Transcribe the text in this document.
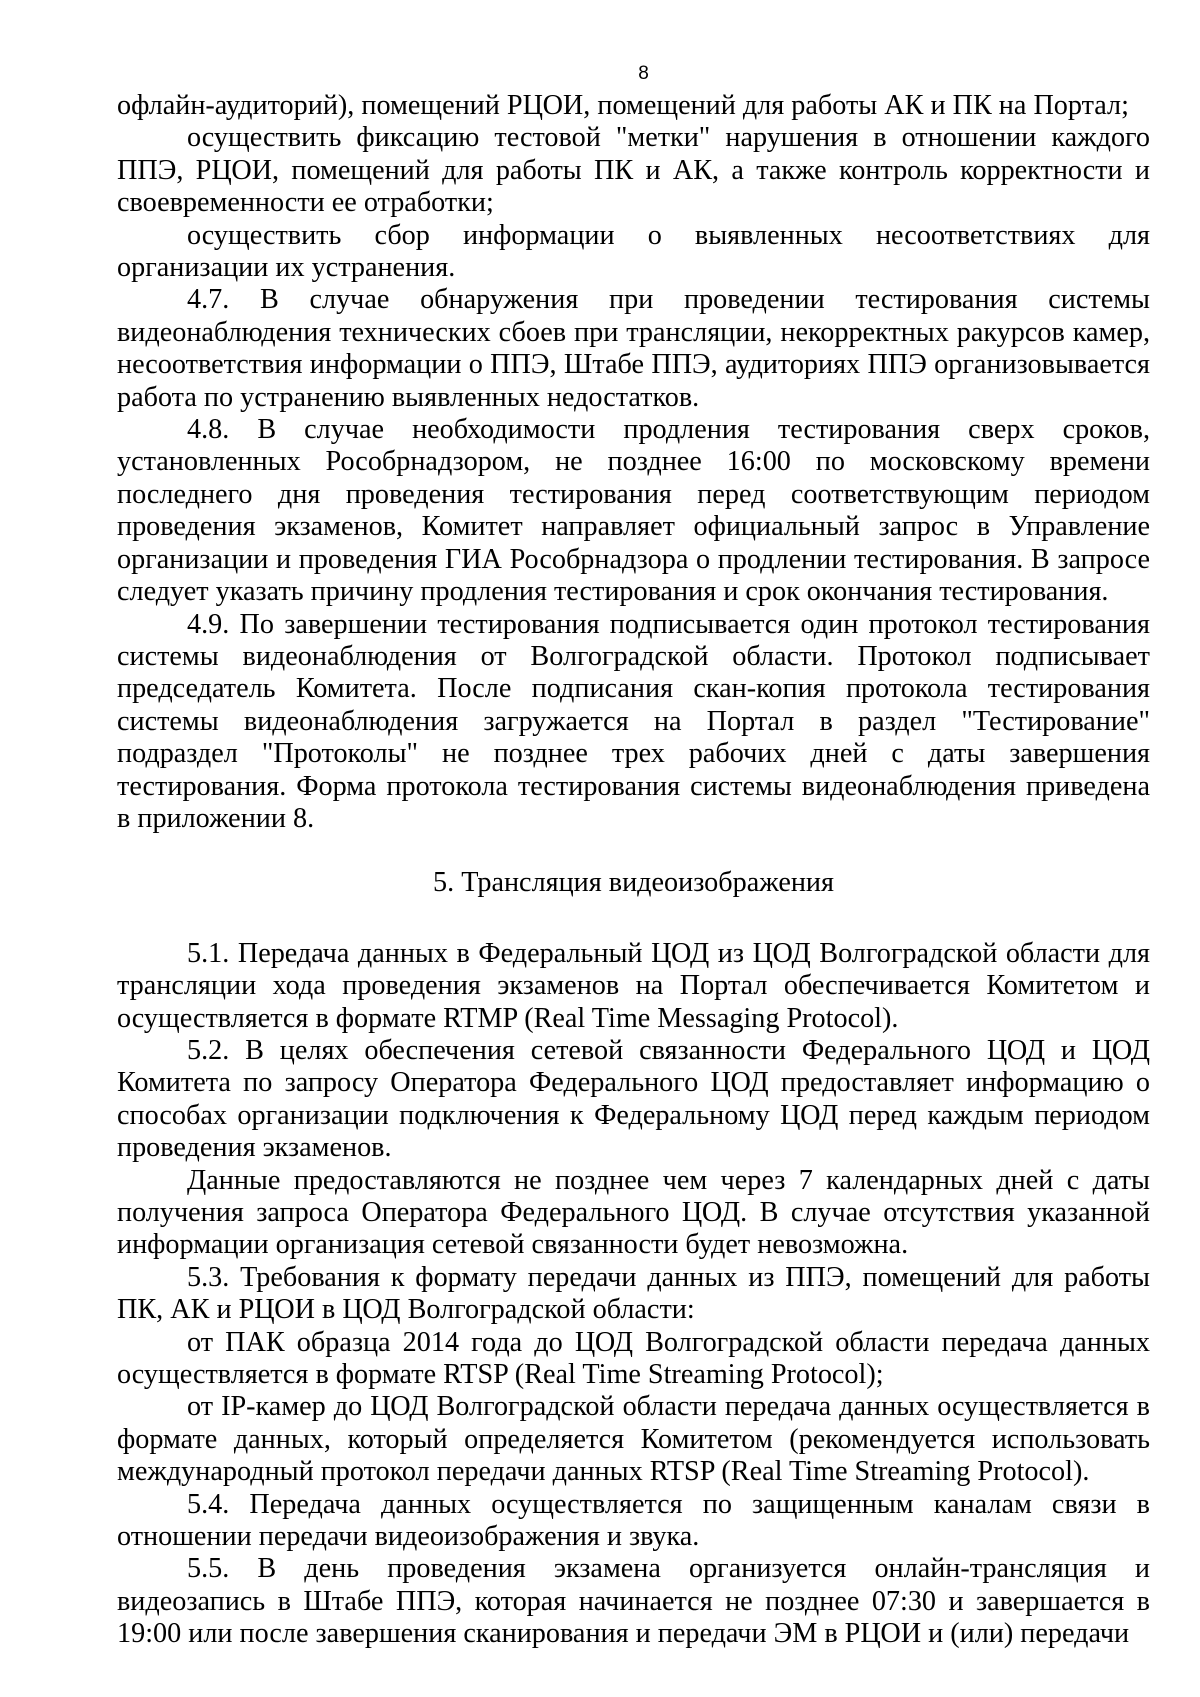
8

офлайн-аудиторий), помещений РЦОИ, помещений для работы АК и ПК на Портал;

осуществить фиксацию тестовой "метки" нарушения в отношении каждого ППЭ, РЦОИ, помещений для работы ПК и АК, а также контроль корректности и своевременности ее отработки;

осуществить сбор информации о выявленных несоответствиях для организации их устранения.

4.7. В случае обнаружения при проведении тестирования системы видеонаблюдения технических сбоев при трансляции, некорректных ракурсов камер, несоответствия информации о ППЭ, Штабе ППЭ, аудиториях ППЭ организовывается работа по устранению выявленных недостатков.

4.8. В случае необходимости продления тестирования сверх сроков, установленных Рособрнадзором, не позднее 16:00 по московскому времени последнего дня проведения тестирования перед соответствующим периодом проведения экзаменов, Комитет направляет официальный запрос в Управление организации и проведения ГИА Рособрнадзора о продлении тестирования. В запросе следует указать причину продления тестирования и срок окончания тестирования.

4.9. По завершении тестирования подписывается один протокол тестирования системы видеонаблюдения от Волгоградской области. Протокол подписывает председатель Комитета. После подписания скан-копия протокола тестирования системы видеонаблюдения загружается на Портал в раздел "Тестирование" подраздел "Протоколы" не позднее трех рабочих дней с даты завершения тестирования. Форма протокола тестирования системы видеонаблюдения приведена в приложении 8.

5. Трансляция видеоизображения

5.1. Передача данных в Федеральный ЦОД из ЦОД Волгоградской области для трансляции хода проведения экзаменов на Портал обеспечивается Комитетом и осуществляется в формате RTMP (Real Time Messaging Protocol).

5.2. В целях обеспечения сетевой связанности Федерального ЦОД и ЦОД Комитета по запросу Оператора Федерального ЦОД предоставляет информацию о способах организации подключения к Федеральному ЦОД перед каждым периодом проведения экзаменов.

Данные предоставляются не позднее чем через 7 календарных дней с даты получения запроса Оператора Федерального ЦОД. В случае отсутствия указанной информации организация сетевой связанности будет невозможна.

5.3. Требования к формату передачи данных из ППЭ, помещений для работы ПК, АК и РЦОИ в ЦОД Волгоградской области:

от ПАК образца 2014 года до ЦОД Волгоградской области передача данных осуществляется в формате RTSP (Real Time Streaming Protocol);

от IP-камер до ЦОД Волгоградской области передача данных осуществляется в формате данных, который определяется Комитетом (рекомендуется использовать международный протокол передачи данных RTSP (Real Time Streaming Protocol).

5.4. Передача данных осуществляется по защищенным каналам связи в отношении передачи видеоизображения и звука.

5.5. В день проведения экзамена организуется онлайн-трансляция и видеозапись в Штабе ППЭ, которая начинается не позднее 07:30 и завершается в 19:00 или после завершения сканирования и передачи ЭМ в РЦОИ и (или) передачи
